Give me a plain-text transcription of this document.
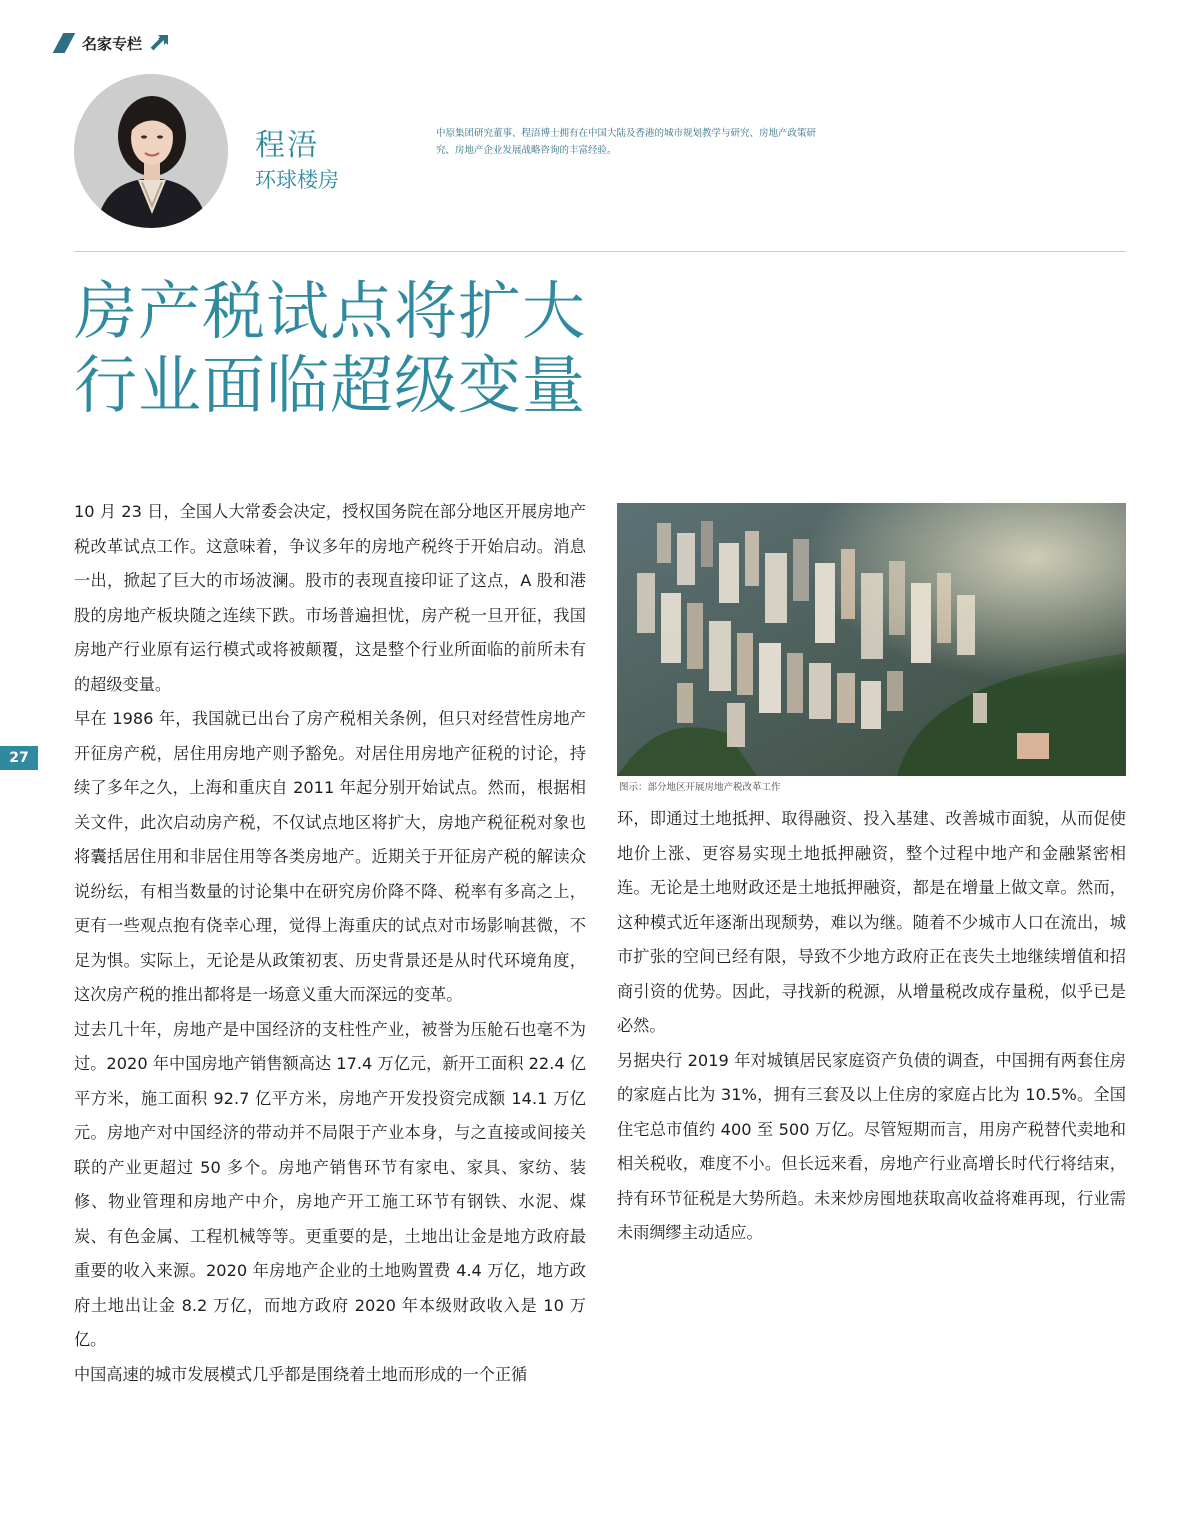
名家专栏
程浯
环球楼房
中原集团研究董事、程浯博士拥有在中国大陆及香港的城市规划教学与研究、房地产政策研究、房地产企业发展战略咨询的丰富经验。
房产税试点将扩大
行业面临超级变量

10 月 23 日，全国人大常委会决定，授权国务院在部分地区开展房地产税改革试点工作。这意味着，争议多年的房地产税终于开始启动。消息一出，掀起了巨大的市场波澜。股市的表现直接印证了这点，A 股和港股的房地产板块随之连续下跌。市场普遍担忧，房产税一旦开征，我国房地产行业原有运行模式或将被颠覆，这是整个行业所面临的前所未有的超级变量。

早在 1986 年，我国就已出台了房产税相关条例，但只对经营性房地产开征房产税，居住用房地产则予豁免。对居住用房地产征税的讨论，持续了多年之久，上海和重庆自 2011 年起分别开始试点。然而，根据相关文件，此次启动房产税，不仅试点地区将扩大，房地产税征税对象也将囊括居住用和非居住用等各类房地产。近期关于开征房产税的解读众说纷纭，有相当数量的讨论集中在研究房价降不降、税率有多高之上，更有一些观点抱有侥幸心理，觉得上海重庆的试点对市场影响甚微，不足为惧。实际上，无论是从政策初衷、历史背景还是从时代环境角度，这次房产税的推出都将是一场意义重大而深远的变革。

过去几十年，房地产是中国经济的支柱性产业，被誉为压舱石也毫不为过。2020 年中国房地产销售额高达 17.4 万亿元，新开工面积 22.4 亿平方米，施工面积 92.7 亿平方米，房地产开发投资完成额 14.1 万亿元。房地产对中国经济的带动并不局限于产业本身，与之直接或间接关联的产业更超过 50 多个。房地产销售环节有家电、家具、家纺、装修、物业管理和房地产中介，房地产开工施工环节有钢铁、水泥、煤炭、有色金属、工程机械等等。更重要的是，土地出让金是地方政府最重要的收入来源。2020 年房地产企业的土地购置费 4.4 万亿，地方政府土地出让金 8.2 万亿，而地方政府 2020 年本级财政收入是 10 万亿。

中国高速的城市发展模式几乎都是围绕着土地而形成的一个正循

图示：部分地区开展房地产税改革工作

环，即通过土地抵押、取得融资、投入基建、改善城市面貌，从而促使地价上涨、更容易实现土地抵押融资，整个过程中地产和金融紧密相连。无论是土地财政还是土地抵押融资，都是在增量上做文章。然而，这种模式近年逐渐出现颓势，难以为继。随着不少城市人口在流出，城市扩张的空间已经有限，导致不少地方政府正在丧失土地继续增值和招商引资的优势。因此，寻找新的税源，从增量税改成存量税，似乎已是必然。

另据央行 2019 年对城镇居民家庭资产负债的调查，中国拥有两套住房的家庭占比为 31%，拥有三套及以上住房的家庭占比为 10.5%。全国住宅总市值约 400 至 500 万亿。尽管短期而言，用房产税替代卖地和相关税收，难度不小。但长远来看，房地产行业高增长时代行将结束，持有环节征税是大势所趋。未来炒房囤地获取高收益将难再现，行业需未雨绸缪主动适应。

27
